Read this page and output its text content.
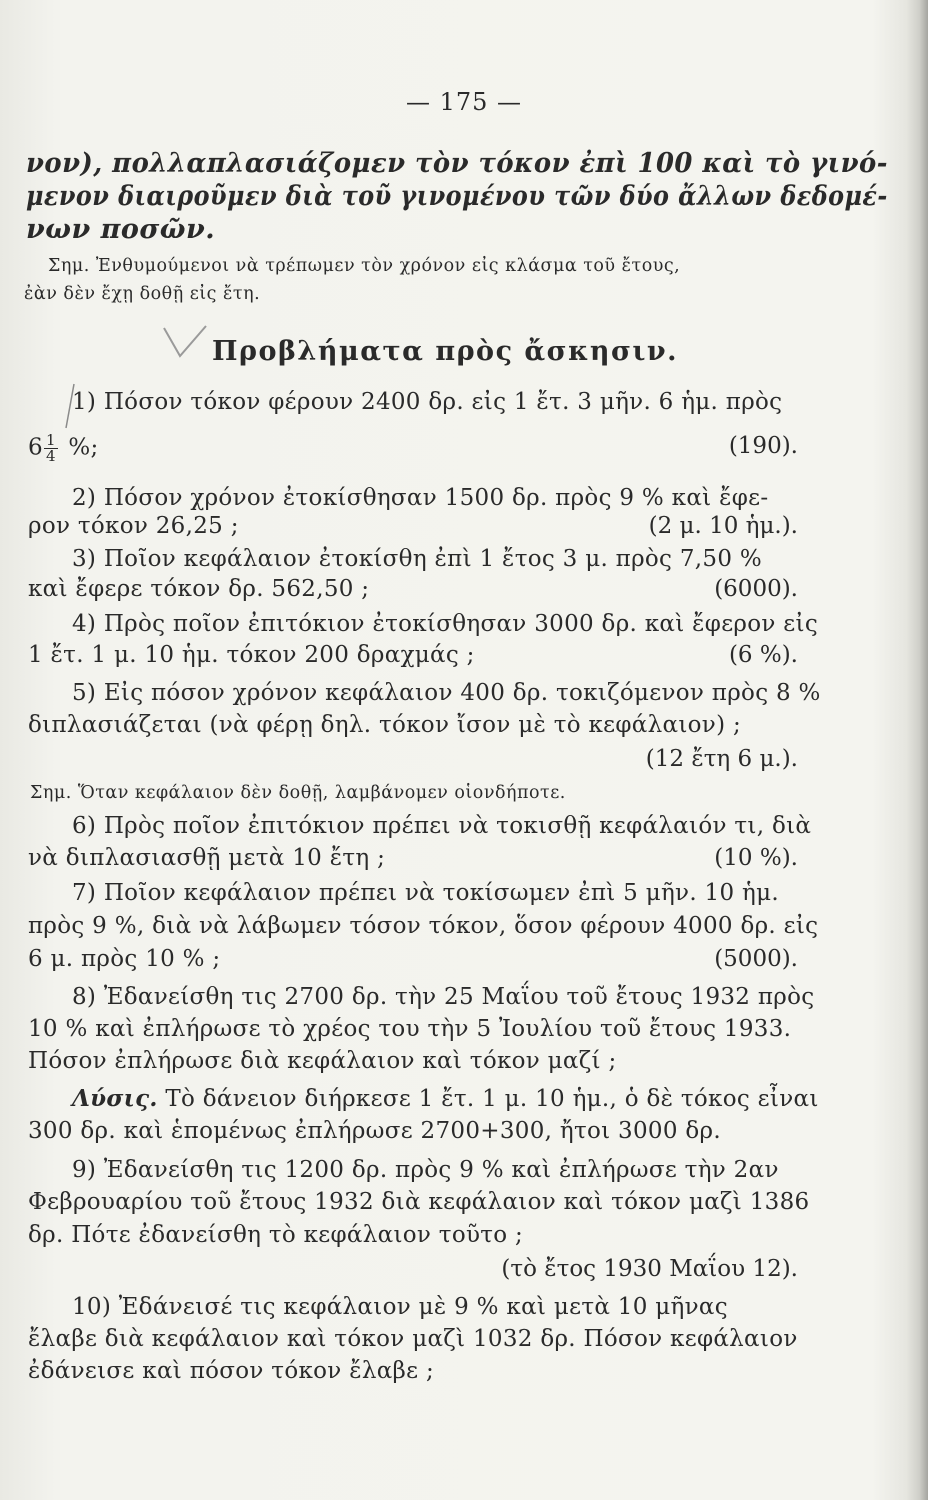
— 175 —
νον), πολλαπλασιάζομεν τὸν τόκον ἐπὶ 100 καὶ τὸ γινό-
μενον διαιροῦμεν διὰ τοῦ γινομένου τῶν δύο ἄλλων δεδομέ-
νων ποσῶν.
Σημ. Ἐνθυμούμενοι νὰ τρέπωμεν τὸν χρόνον εἰς κλάσμα τοῦ ἔτους,
ἐὰν δὲν ἔχῃ δοθῇ εἰς ἔτη.
Προβλήματα πρὸς ἄσκησιν.
1) Πόσον τόκον φέρουν 2400 δρ. εἰς 1 ἔτ. 3 μῆν. 6 ἡμ. πρὸς
$6 \frac{1}{4}$ %;	(190).
2) Πόσον χρόνον ἐτοκίσθησαν 1500 δρ. πρὸς 9 % καὶ ἔφε-
ρον τόκον 26,25 ;	(2 μ. 10 ἡμ.).
3) Ποῖον κεφάλαιον ἐτοκίσθη ἐπὶ 1 ἔτος 3 μ. πρὸς 7,50 %
καὶ ἔφερε τόκον δρ. 562,50 ;	(6000).
4) Πρὸς ποῖον ἐπιτόκιον ἐτοκίσθησαν 3000 δρ. καὶ ἔφερον εἰς
1 ἔτ. 1 μ. 10 ἡμ. τόκον 200 δραχμάς ;	(6 %).
5) Εἰς πόσον χρόνον κεφάλαιον 400 δρ. τοκιζόμενον πρὸς 8 %
διπλασιάζεται (νὰ φέρῃ δηλ. τόκον ἴσον μὲ τὸ κεφάλαιον) ;
(12 ἔτη 6 μ.).
Σημ. Ὅταν κεφάλαιον δὲν δοθῇ, λαμβάνομεν οἱονδήποτε.
6) Πρὸς ποῖον ἐπιτόκιον πρέπει νὰ τοκισθῇ κεφάλαιόν τι, διὰ
νὰ διπλασιασθῇ μετὰ 10 ἔτη ;	(10 %).
7) Ποῖον κεφάλαιον πρέπει νὰ τοκίσωμεν ἐπὶ 5 μῆν. 10 ἡμ.
πρὸς 9 %, διὰ νὰ λάβωμεν τόσον τόκον, ὅσον φέρουν 4000 δρ. εἰς
6 μ. πρὸς 10 % ;	(5000).
8) Ἐδανείσθη τις 2700 δρ. τὴν 25 Μαΐου τοῦ ἔτους 1932 πρὸς
10 % καὶ ἐπλήρωσε τὸ χρέος του τὴν 5 Ἰουλίου τοῦ ἔτους 1933.
Πόσον ἐπλήρωσε διὰ κεφάλαιον καὶ τόκον μαζί ;
Λύσις. Τὸ δάνειον διήρκεσε 1 ἔτ. 1 μ. 10 ἡμ., ὁ δὲ τόκος εἶναι
300 δρ. καὶ ἑπομένως ἐπλήρωσε 2700+300, ἤτοι 3000 δρ.
9) Ἐδανείσθη τις 1200 δρ. πρὸς 9 % καὶ ἐπλήρωσε τὴν 2αν
Φεβρουαρίου τοῦ ἔτους 1932 διὰ κεφάλαιον καὶ τόκον μαζὶ 1386
δρ. Πότε ἐδανείσθη τὸ κεφάλαιον τοῦτο ;
(τὸ ἔτος 1930 Μαΐου 12).
10) Ἐδάνεισέ τις κεφάλαιον μὲ 9 % καὶ μετὰ 10 μῆνας
ἔλαβε διὰ κεφάλαιον καὶ τόκον μαζὶ 1032 δρ. Πόσον κεφάλαιον
ἐδάνεισε καὶ πόσον τόκον ἔλαβε ;
